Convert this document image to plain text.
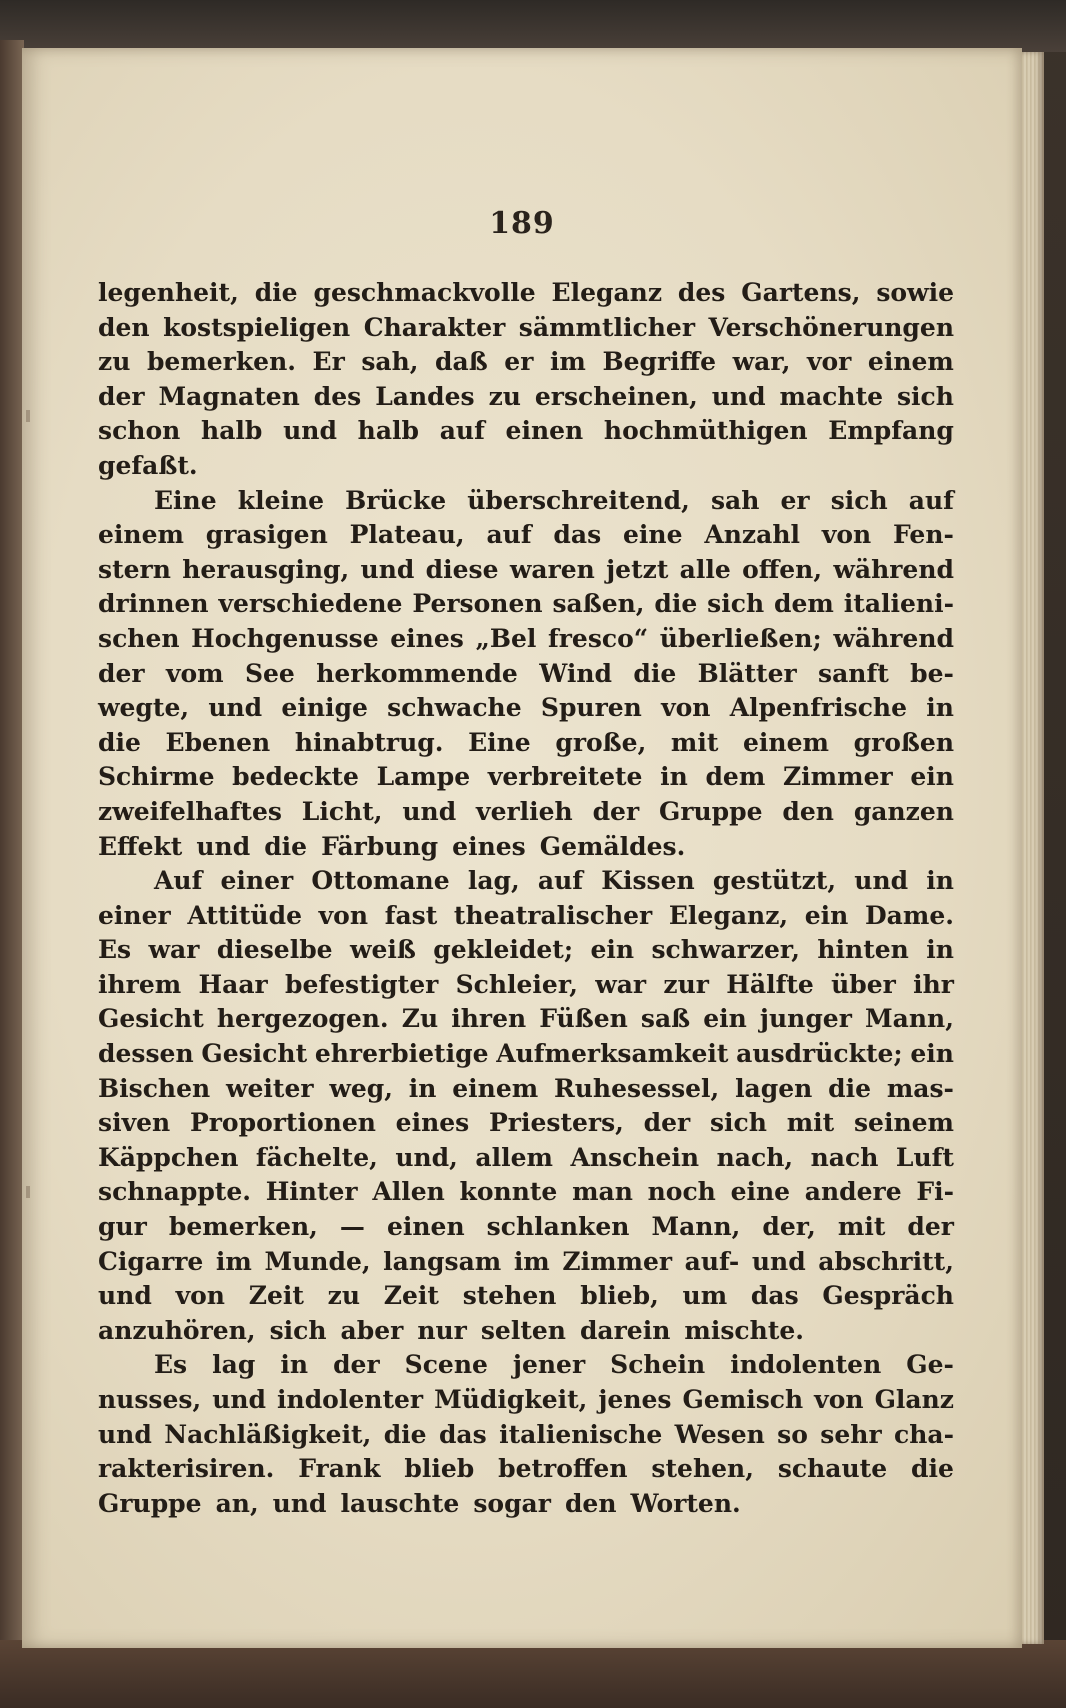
189
legenheit, die geschmackvolle Eleganz des Gartens, sowie
den kostspieligen Charakter sämmtlicher Verschönerungen
zu bemerken. Er sah, daß er im Begriffe war, vor einem
der Magnaten des Landes zu erscheinen, und machte sich
schon halb und halb auf einen hochmüthigen Empfang
gefaßt.
Eine kleine Brücke überschreitend, sah er sich auf
einem grasigen Plateau, auf das eine Anzahl von Fen-
stern herausging, und diese waren jetzt alle offen, während
drinnen verschiedene Personen saßen, die sich dem italieni-
schen Hochgenusse eines „Bel fresco“ überließen; während
der vom See herkommende Wind die Blätter sanft be-
wegte, und einige schwache Spuren von Alpenfrische in
die Ebenen hinabtrug. Eine große, mit einem großen
Schirme bedeckte Lampe verbreitete in dem Zimmer ein
zweifelhaftes Licht, und verlieh der Gruppe den ganzen
Effekt und die Färbung eines Gemäldes.
Auf einer Ottomane lag, auf Kissen gestützt, und in
einer Attitüde von fast theatralischer Eleganz, ein Dame.
Es war dieselbe weiß gekleidet; ein schwarzer, hinten in
ihrem Haar befestigter Schleier, war zur Hälfte über ihr
Gesicht hergezogen. Zu ihren Füßen saß ein junger Mann,
dessen Gesicht ehrerbietige Aufmerksamkeit ausdrückte; ein
Bischen weiter weg, in einem Ruhesessel, lagen die mas-
siven Proportionen eines Priesters, der sich mit seinem
Käppchen fächelte, und, allem Anschein nach, nach Luft
schnappte. Hinter Allen konnte man noch eine andere Fi-
gur bemerken, — einen schlanken Mann, der, mit der
Cigarre im Munde, langsam im Zimmer auf- und abschritt,
und von Zeit zu Zeit stehen blieb, um das Gespräch
anzuhören, sich aber nur selten darein mischte.
Es lag in der Scene jener Schein indolenten Ge-
nusses, und indolenter Müdigkeit, jenes Gemisch von Glanz
und Nachläßigkeit, die das italienische Wesen so sehr cha-
rakterisiren. Frank blieb betroffen stehen, schaute die
Gruppe an, und lauschte sogar den Worten.
